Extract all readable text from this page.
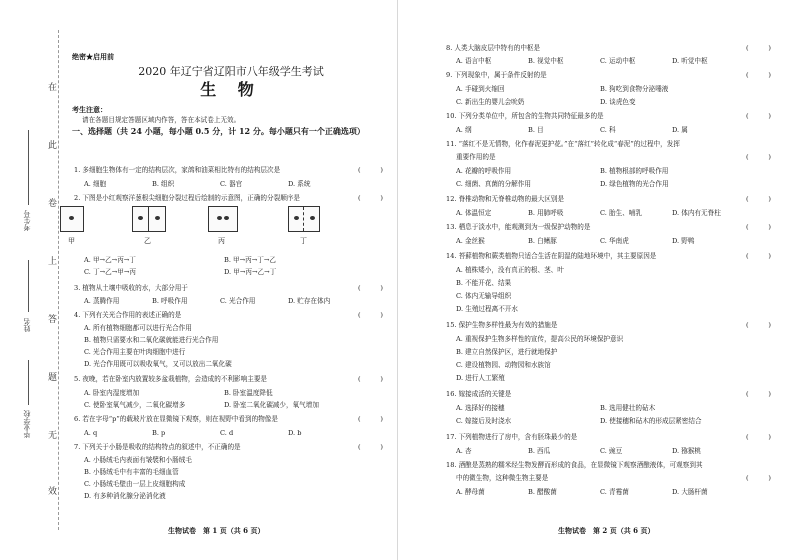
在
此
卷
上
答
题
无
效
考生号
姓名
毕业学校
绝密★启用前
2020 年辽宁省辽阳市八年级学生考试
生 物
考生注意：
请在各题目规定答题区域内作答，答在本试卷上无效。
一、选择题（共 24 小题，每小题 0.5 分，计 12 分。每小题只有一个正确选项）
1. 多细胞生物体有一定的结构层次，家鸽和油菜相比特有的结构层次是	(　　　)
A. 细胞	B. 组织	C. 器官	D. 系统
2. 下图是小红观察洋葱根尖细胞分裂过程后绘制的示意图，正确的分裂顺序是	(　　　)
甲	乙	丙	丁
A. 甲→乙→丙→丁	B. 甲→丙→丁→乙
C. 丁→乙→甲→丙	D. 甲→丙→乙→丁
3. 植物从土壤中吸收的水，大部分用于	(　　　)
A. 蒸腾作用	B. 呼吸作用	C. 光合作用	D. 贮存在体内
4. 下列有关光合作用的表述正确的是	(　　　)
A. 所有植物细胞都可以进行光合作用
B. 植物只需要水和二氧化碳就能进行光合作用
C. 光合作用主要在叶肉细胞中进行
D. 光合作用既可以吸收氧气，又可以放出二氧化碳
5. 夜晚，若在卧室内放置较多盆栽植物，会造成的不利影响主要是	(　　　)
A. 卧室内湿度增加	B. 卧室温度降低
C. 使卧室氧气减少，二氧化碳增多	D. 卧室二氧化碳减少，氧气增加
6. 若在字母“p”的载玻片放在显微镜下观察，则在视野中看到的物像是	(　　　)
A. q	B. p	C. d	D. b
7. 下列关于小肠是吸收的结构特点的叙述中，不正确的是	(　　　)
A. 小肠绒毛内表面有皱襞和小肠绒毛
B. 小肠绒毛中有丰富的毛细血管
C. 小肠绒毛壁由一层上皮细胞构成
D. 有多种消化腺分泌消化液
生物试卷　第 1 页（共 6 页）
8. 人类大脑皮层中特有的中枢是	(　　　)
A. 语言中枢	B. 视觉中枢	C. 运动中枢	D. 听觉中枢
9. 下列现象中，属于条件反射的是	(　　　)
A. 手碰到火缩回	B. 狗吃到食物分泌唾液
C. 新出生的婴儿会吮奶	D. 谈虎色变
10. 下列分类单位中，所包含的生物共同特征最多的是	(　　　)
A. 纲	B. 目	C. 科	D. 属
11. “落红不是无情物，化作春泥更护花。”在“落红”转化成“春泥”的过程中，发挥
重要作用的是	(　　　)
A. 花瓣的呼吸作用	B. 植物根部的呼吸作用
C. 细菌、真菌的分解作用	D. 绿色植物的光合作用
12. 脊椎动物和无脊椎动物的最大区别是	(　　　)
A. 体温恒定	B. 用肺呼吸	C. 胎生、哺乳	D. 体内有无脊柱
13. 栖息于淡水中，能观测到为一级保护动物的是	(　　　)
A. 金丝猴	B. 白鳍豚	C. 华南虎	D. 野鸭
14. 苔藓植物和蕨类植物只适合生活在阴湿的陆地环境中，其主要原因是	(　　　)
A. 植株矮小，没有真正的根、茎、叶
B. 不能开花、结果
C. 体内无输导组织
D. 生殖过程离不开水
15. 保护生物多样性最为有效的措施是	(　　　)
A. 重视保护生物多样性的宣传，提高公民的环境保护意识
B. 建立自然保护区，进行就地保护
C. 建设植物园、动物园和水族馆
D. 进行人工繁殖
16. 嫁接成活的关键是	(　　　)
A. 选择好的接穗	B. 选用健壮的砧木
C. 嫁接后及时浇水	D. 使接穗和砧木的形成层紧密结合
17. 下列植物进行了房中，含有胚珠最少的是	(　　　)
A. 杏	B. 西瓜	C. 豌豆	D. 猕猴桃
18. 酒酿是蒸熟的糯米经生物发酵而形成的食品，在显微镜下观察酒酿液体，可观察到其
中的微生物，这种微生物主要是	(　　　)
A. 酵母菌	B. 醋酸菌	C. 青霉菌	D. 大肠杆菌
生物试卷　第 2 页（共 6 页）
